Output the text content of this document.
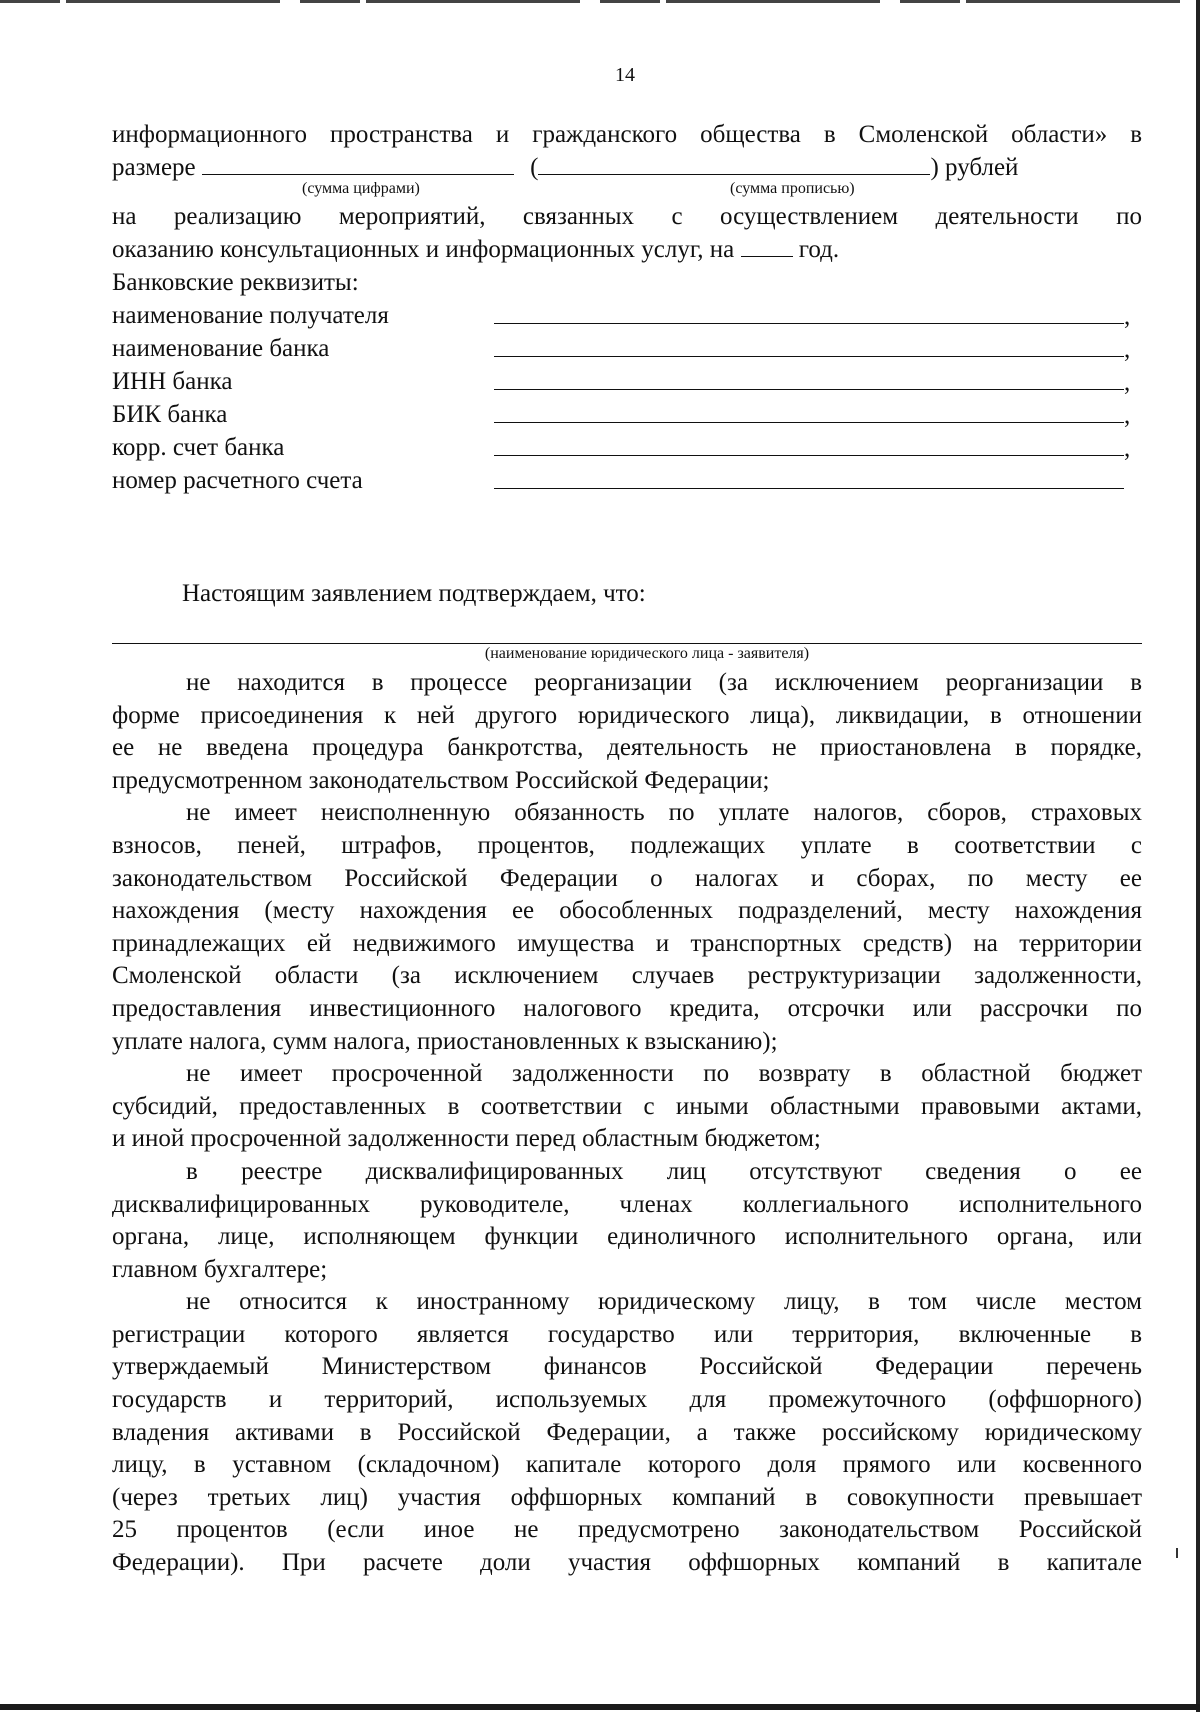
14
информационного пространства и гражданского общества в Смоленской области» в
размере	(	) рублей
(сумма цифрами)	(сумма прописью)
на реализацию мероприятий, связанных с осуществлением деятельности по
оказанию консультационных и информационных услуг, на	год.
Банковские реквизиты:
наименование получателя	,
наименование банка	,
ИНН банка	,
БИК банка	,
корр. счет банка	,
номер расчетного счета
Настоящим заявлением подтверждаем, что:
(наименование юридического лица - заявителя)
не находится в процессе реорганизации (за исключением реорганизации в
форме присоединения к ней другого юридического лица), ликвидации, в отношении
ее не введена процедура банкротства, деятельность не приостановлена в порядке,
предусмотренном законодательством Российской Федерации;
не имеет неисполненную обязанность по уплате налогов, сборов, страховых
взносов, пеней, штрафов, процентов, подлежащих уплате в соответствии с
законодательством Российской Федерации о налогах и сборах, по месту ее
нахождения (месту нахождения ее обособленных подразделений, месту нахождения
принадлежащих ей недвижимого имущества и транспортных средств) на территории
Смоленской области (за исключением случаев реструктуризации задолженности,
предоставления инвестиционного налогового кредита, отсрочки или рассрочки по
уплате налога, сумм налога, приостановленных к взысканию);
не имеет просроченной задолженности по возврату в областной бюджет
субсидий, предоставленных в соответствии с иными областными правовыми актами,
и иной просроченной задолженности перед областным бюджетом;
в реестре дисквалифицированных лиц отсутствуют сведения о ее
дисквалифицированных руководителе, членах коллегиального исполнительного
органа, лице, исполняющем функции единоличного исполнительного органа, или
главном бухгалтере;
не относится к иностранному юридическому лицу, в том числе местом
регистрации которого является государство или территория, включенные в
утверждаемый Министерством финансов Российской Федерации перечень
государств и территорий, используемых для промежуточного (оффшорного)
владения активами в Российской Федерации, а также российскому юридическому
лицу, в уставном (складочном) капитале которого доля прямого или косвенного
(через третьих лиц) участия оффшорных компаний в совокупности превышает
25 процентов (если иное не предусмотрено законодательством Российской
Федерации). При расчете доли участия оффшорных компаний в капитале
